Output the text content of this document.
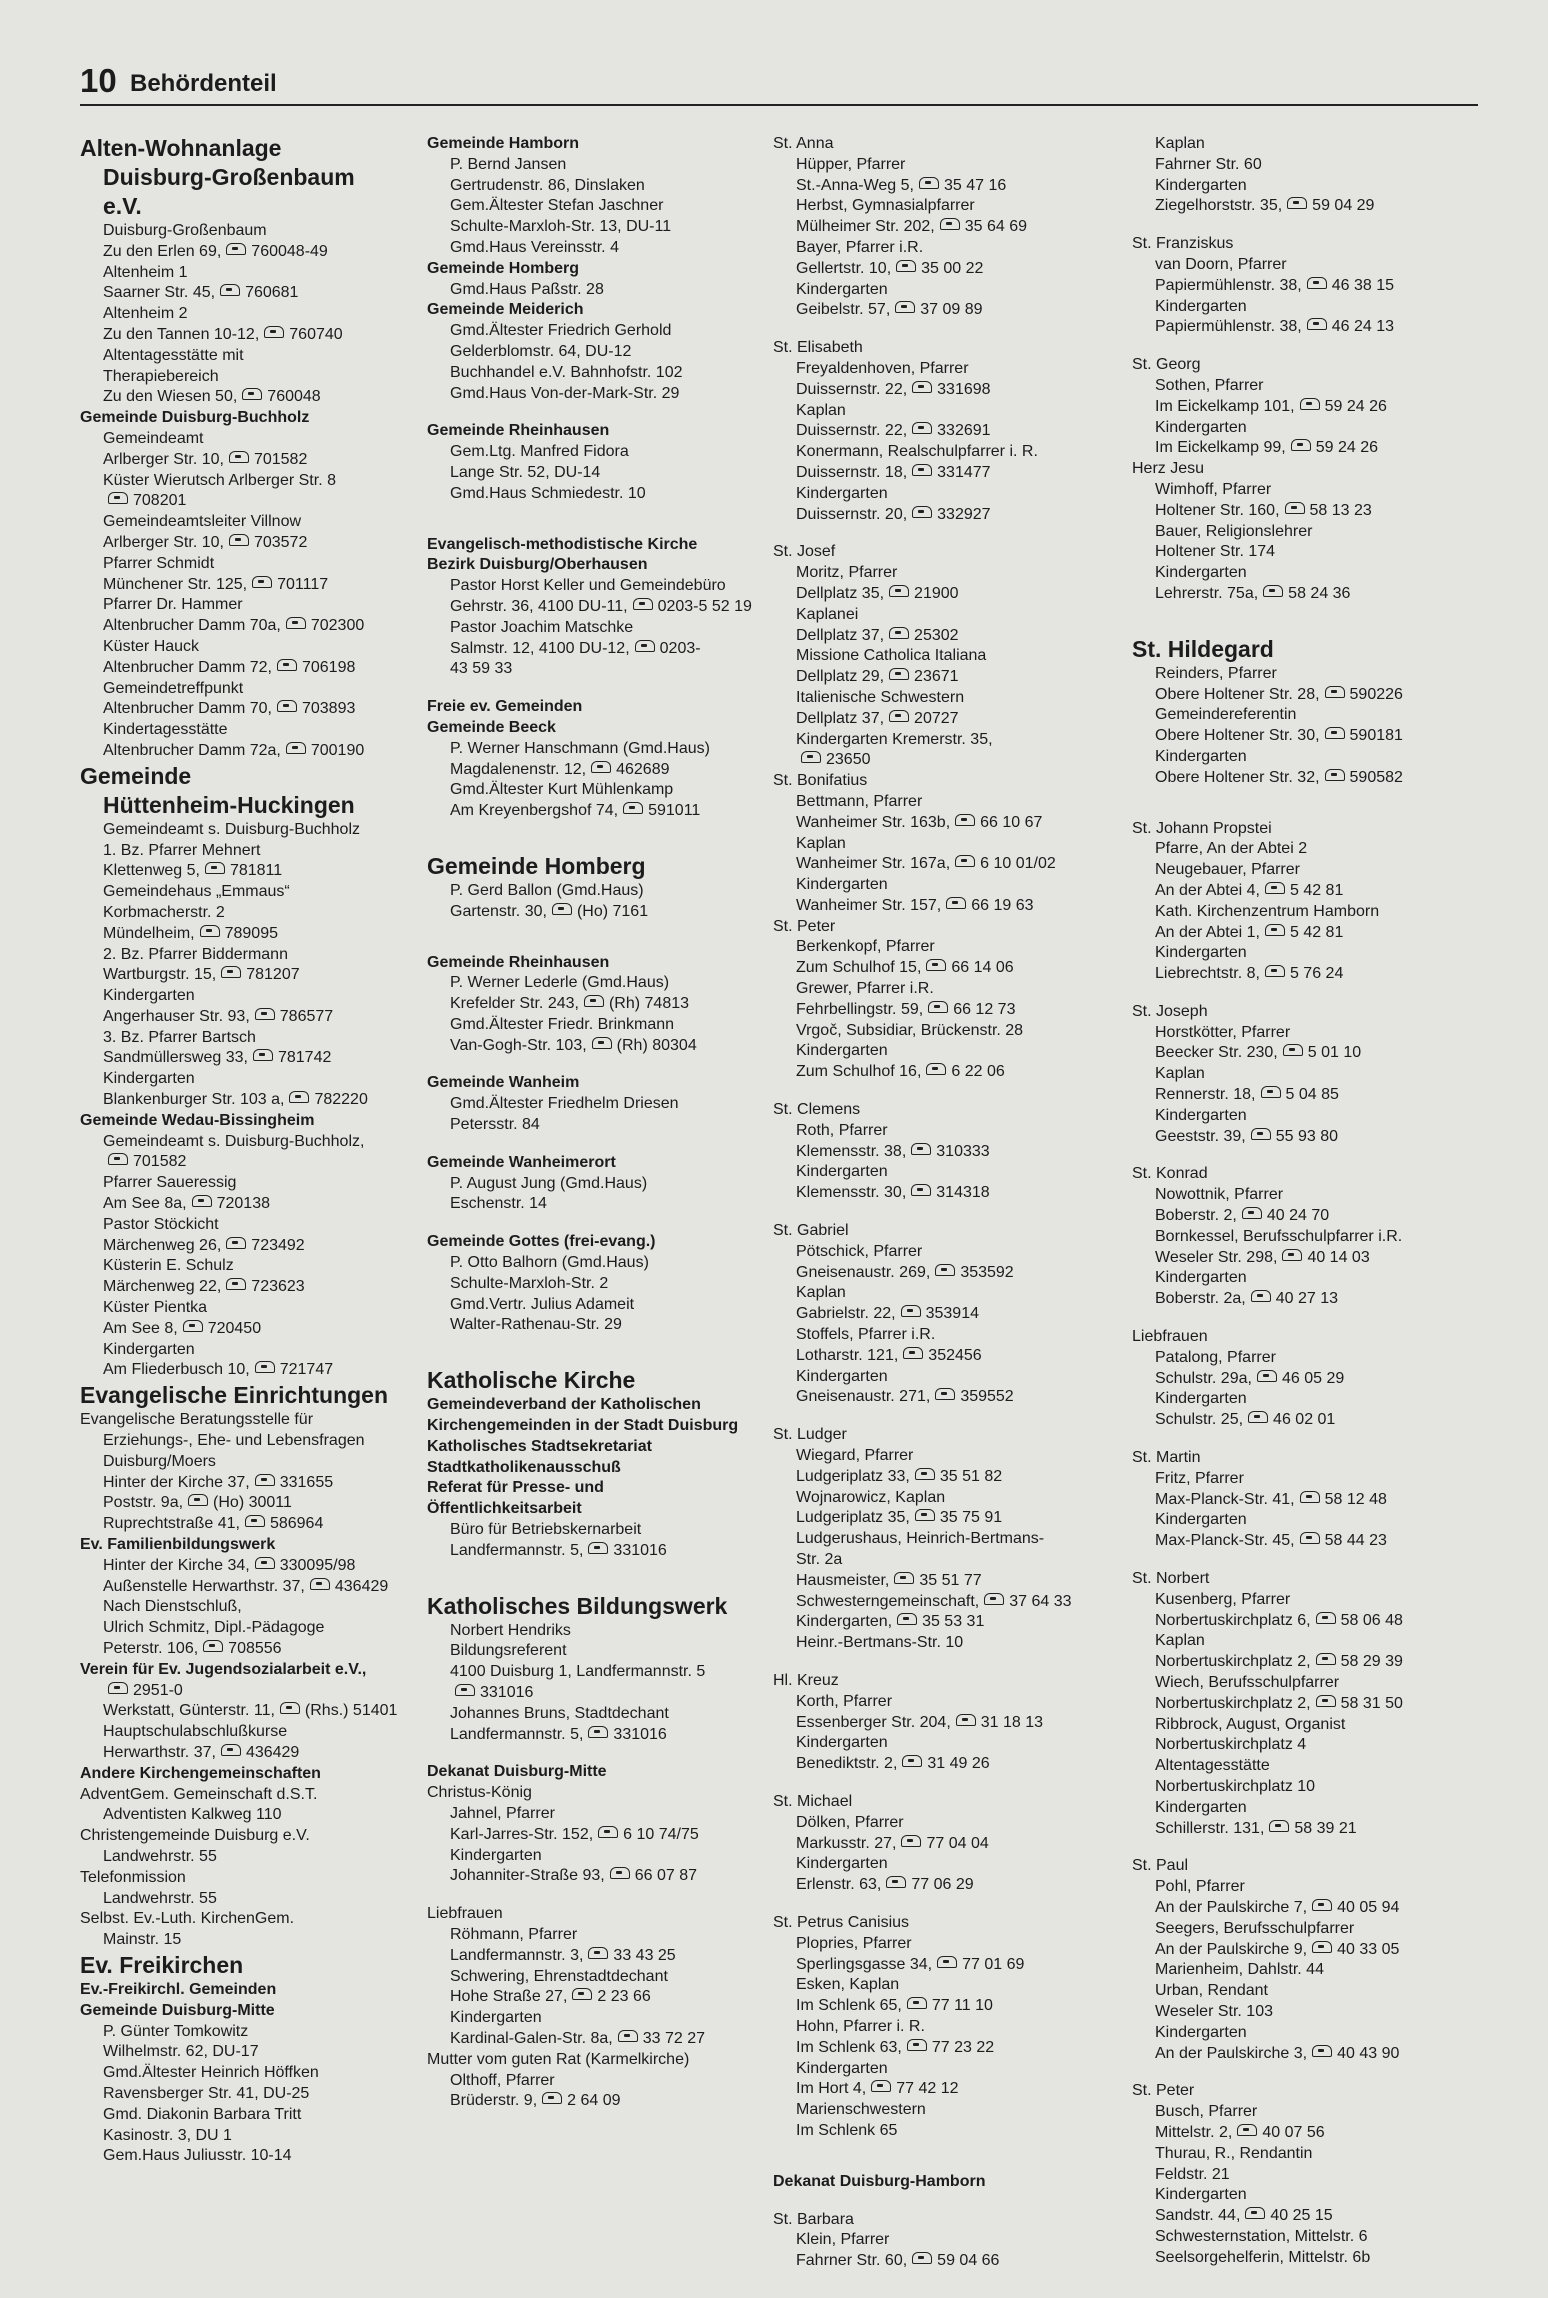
10 Behördenteil
Alten-Wohnanlage
Duisburg-Großenbaum
e.V.
Duisburg-Großenbaum
Zu den Erlen 69, 760048-49
Altenheim 1
Saarner Str. 45, 760681
Altenheim 2
Zu den Tannen 10-12, 760740
Altentagesstätte mit
Therapiebereich
Zu den Wiesen 50, 760048
Gemeinde Duisburg-Buchholz
Gemeindeamt
Arlberger Str. 10, 701582
Küster Wierutsch Arlberger Str. 8
708201
Gemeindeamtsleiter Villnow
Arlberger Str. 10, 703572
Pfarrer Schmidt
Münchener Str. 125, 701117
Pfarrer Dr. Hammer
Altenbrucher Damm 70a, 702300
Küster Hauck
Altenbrucher Damm 72, 706198
Gemeindetreffpunkt
Altenbrucher Damm 70, 703893
Kindertagesstätte
Altenbrucher Damm 72a, 700190
Gemeinde
Hüttenheim-Huckingen
Gemeindeamt s. Duisburg-Buchholz
1. Bz. Pfarrer Mehnert
Klettenweg 5, 781811
Gemeindehaus „Emmaus“
Korbmacherstr. 2
Mündelheim, 789095
2. Bz. Pfarrer Biddermann
Wartburgstr. 15, 781207
Kindergarten
Angerhauser Str. 93, 786577
3. Bz. Pfarrer Bartsch
Sandmüllersweg 33, 781742
Kindergarten
Blankenburger Str. 103 a, 782220
Gemeinde Wedau-Bissingheim
Gemeindeamt s. Duisburg-Buchholz,
701582
Pfarrer Saueressig
Am See 8a, 720138
Pastor Stöckicht
Märchenweg 26, 723492
Küsterin E. Schulz
Märchenweg 22, 723623
Küster Pientka
Am See 8, 720450
Kindergarten
Am Fliederbusch 10, 721747
Evangelische Einrichtungen
Evangelische Beratungsstelle für
Erziehungs-, Ehe- und Lebensfragen
Duisburg/Moers
Hinter der Kirche 37, 331655
Poststr. 9a, (Ho) 30011
Ruprechtstraße 41, 586964
Ev. Familienbildungswerk
Hinter der Kirche 34, 330095/98
Außenstelle Herwarthstr. 37, 436429
Nach Dienstschluß,
Ulrich Schmitz, Dipl.-Pädagoge
Peterstr. 106, 708556
Verein für Ev. Jugendsozialarbeit e.V.,
2951-0
Werkstatt, Günterstr. 11, (Rhs.) 51401
Hauptschulabschlußkurse
Herwarthstr. 37, 436429
Andere Kirchengemeinschaften
AdventGem. Gemeinschaft d.S.T.
Adventisten Kalkweg 110
Christengemeinde Duisburg e.V.
Landwehrstr. 55
Telefonmission
Landwehrstr. 55
Selbst. Ev.-Luth. KirchenGem.
Mainstr. 15
Ev. Freikirchen
Ev.-Freikirchl. Gemeinden
Gemeinde Duisburg-Mitte
P. Günter Tomkowitz
Wilhelmstr. 62, DU-17
Gmd.Ältester Heinrich Höffken
Ravensberger Str. 41, DU-25
Gmd. Diakonin Barbara Tritt
Kasinostr. 3, DU 1
Gem.Haus Juliusstr. 10-14
Gemeinde Hamborn
P. Bernd Jansen
Gertrudenstr. 86, Dinslaken
Gem.Ältester Stefan Jaschner
Schulte-Marxloh-Str. 13, DU-11
Gmd.Haus Vereinsstr. 4
Gemeinde Homberg
Gmd.Haus Paßstr. 28
Gemeinde Meiderich
Gmd.Ältester Friedrich Gerhold
Gelderblomstr. 64, DU-12
Buchhandel e.V. Bahnhofstr. 102
Gmd.Haus Von-der-Mark-Str. 29
Gemeinde Rheinhausen
Gem.Ltg. Manfred Fidora
Lange Str. 52, DU-14
Gmd.Haus Schmiedestr. 10
Evangelisch-methodistische Kirche
Bezirk Duisburg/Oberhausen
Pastor Horst Keller und Gemeindebüro
Gehrstr. 36, 4100 DU-11, 0203-5 52 19
Pastor Joachim Matschke
Salmstr. 12, 4100 DU-12, 0203-
43 59 33
Freie ev. Gemeinden
Gemeinde Beeck
P. Werner Hanschmann (Gmd.Haus)
Magdalenenstr. 12, 462689
Gmd.Ältester Kurt Mühlenkamp
Am Kreyenbergshof 74, 591011
Gemeinde Homberg
P. Gerd Ballon (Gmd.Haus)
Gartenstr. 30, (Ho) 7161
Gemeinde Rheinhausen
P. Werner Lederle (Gmd.Haus)
Krefelder Str. 243, (Rh) 74813
Gmd.Ältester Friedr. Brinkmann
Van-Gogh-Str. 103, (Rh) 80304
Gemeinde Wanheim
Gmd.Ältester Friedhelm Driesen
Petersstr. 84
Gemeinde Wanheimerort
P. August Jung (Gmd.Haus)
Eschenstr. 14
Gemeinde Gottes (frei-evang.)
P. Otto Balhorn (Gmd.Haus)
Schulte-Marxloh-Str. 2
Gmd.Vertr. Julius Adameit
Walter-Rathenau-Str. 29
Katholische Kirche
Gemeindeverband der Katholischen
Kirchengemeinden in der Stadt Duisburg
Katholisches Stadtsekretariat
Stadtkatholikenausschuß
Referat für Presse- und
Öffentlichkeitsarbeit
Büro für Betriebskernarbeit
Landfermannstr. 5, 331016
Katholisches Bildungswerk
Norbert Hendriks
Bildungsreferent
4100 Duisburg 1, Landfermannstr. 5
331016
Johannes Bruns, Stadtdechant
Landfermannstr. 5, 331016
Dekanat Duisburg-Mitte
Christus-König
Jahnel, Pfarrer
Karl-Jarres-Str. 152, 6 10 74/75
Kindergarten
Johanniter-Straße 93, 66 07 87
Liebfrauen
Röhmann, Pfarrer
Landfermannstr. 3, 33 43 25
Schwering, Ehrenstadtdechant
Hohe Straße 27, 2 23 66
Kindergarten
Kardinal-Galen-Str. 8a, 33 72 27
Mutter vom guten Rat (Karmelkirche)
Olthoff, Pfarrer
Brüderstr. 9, 2 64 09
St. Anna
Hüpper, Pfarrer
St.-Anna-Weg 5, 35 47 16
Herbst, Gymnasialpfarrer
Mülheimer Str. 202, 35 64 69
Bayer, Pfarrer i.R.
Gellertstr. 10, 35 00 22
Kindergarten
Geibelstr. 57, 37 09 89
St. Elisabeth
Freyaldenhoven, Pfarrer
Duissernstr. 22, 331698
Kaplan
Duissernstr. 22, 332691
Konermann, Realschulpfarrer i. R.
Duissernstr. 18, 331477
Kindergarten
Duissernstr. 20, 332927
St. Josef
Moritz, Pfarrer
Dellplatz 35, 21900
Kaplanei
Dellplatz 37, 25302
Missione Catholica Italiana
Dellplatz 29, 23671
Italienische Schwestern
Dellplatz 37, 20727
Kindergarten Kremerstr. 35,
23650
St. Bonifatius
Bettmann, Pfarrer
Wanheimer Str. 163b, 66 10 67
Kaplan
Wanheimer Str. 167a, 6 10 01/02
Kindergarten
Wanheimer Str. 157, 66 19 63
St. Peter
Berkenkopf, Pfarrer
Zum Schulhof 15, 66 14 06
Grewer, Pfarrer i.R.
Fehrbellingstr. 59, 66 12 73
Vrgoč, Subsidiar, Brückenstr. 28
Kindergarten
Zum Schulhof 16, 6 22 06
St. Clemens
Roth, Pfarrer
Klemensstr. 38, 310333
Kindergarten
Klemensstr. 30, 314318
St. Gabriel
Pötschick, Pfarrer
Gneisenaustr. 269, 353592
Kaplan
Gabrielstr. 22, 353914
Stoffels, Pfarrer i.R.
Lotharstr. 121, 352456
Kindergarten
Gneisenaustr. 271, 359552
St. Ludger
Wiegard, Pfarrer
Ludgeriplatz 33, 35 51 82
Wojnarowicz, Kaplan
Ludgeriplatz 35, 35 75 91
Ludgerushaus, Heinrich-Bertmans-
Str. 2a
Hausmeister, 35 51 77
Schwesterngemeinschaft, 37 64 33
Kindergarten, 35 53 31
Heinr.-Bertmans-Str. 10
Hl. Kreuz
Korth, Pfarrer
Essenberger Str. 204, 31 18 13
Kindergarten
Benediktstr. 2, 31 49 26
St. Michael
Dölken, Pfarrer
Markusstr. 27, 77 04 04
Kindergarten
Erlenstr. 63, 77 06 29
St. Petrus Canisius
Plopries, Pfarrer
Sperlingsgasse 34, 77 01 69
Esken, Kaplan
Im Schlenk 65, 77 11 10
Hohn, Pfarrer i. R.
Im Schlenk 63, 77 23 22
Kindergarten
Im Hort 4, 77 42 12
Marienschwestern
Im Schlenk 65
Dekanat Duisburg-Hamborn
St. Barbara
Klein, Pfarrer
Fahrner Str. 60, 59 04 66
Kaplan
Fahrner Str. 60
Kindergarten
Ziegelhorststr. 35, 59 04 29
St. Franziskus
van Doorn, Pfarrer
Papiermühlenstr. 38, 46 38 15
Kindergarten
Papiermühlenstr. 38, 46 24 13
St. Georg
Sothen, Pfarrer
Im Eickelkamp 101, 59 24 26
Kindergarten
Im Eickelkamp 99, 59 24 26
Herz Jesu
Wimhoff, Pfarrer
Holtener Str. 160, 58 13 23
Bauer, Religionslehrer
Holtener Str. 174
Kindergarten
Lehrerstr. 75a, 58 24 36
St. Hildegard
Reinders, Pfarrer
Obere Holtener Str. 28, 590226
Gemeindereferentin
Obere Holtener Str. 30, 590181
Kindergarten
Obere Holtener Str. 32, 590582
St. Johann Propstei
Pfarre, An der Abtei 2
Neugebauer, Pfarrer
An der Abtei 4, 5 42 81
Kath. Kirchenzentrum Hamborn
An der Abtei 1, 5 42 81
Kindergarten
Liebrechtstr. 8, 5 76 24
St. Joseph
Horstkötter, Pfarrer
Beecker Str. 230, 5 01 10
Kaplan
Rennerstr. 18, 5 04 85
Kindergarten
Geeststr. 39, 55 93 80
St. Konrad
Nowottnik, Pfarrer
Boberstr. 2, 40 24 70
Bornkessel, Berufsschulpfarrer i.R.
Weseler Str. 298, 40 14 03
Kindergarten
Boberstr. 2a, 40 27 13
Liebfrauen
Patalong, Pfarrer
Schulstr. 29a, 46 05 29
Kindergarten
Schulstr. 25, 46 02 01
St. Martin
Fritz, Pfarrer
Max-Planck-Str. 41, 58 12 48
Kindergarten
Max-Planck-Str. 45, 58 44 23
St. Norbert
Kusenberg, Pfarrer
Norbertuskirchplatz 6, 58 06 48
Kaplan
Norbertuskirchplatz 2, 58 29 39
Wiech, Berufsschulpfarrer
Norbertuskirchplatz 2, 58 31 50
Ribbrock, August, Organist
Norbertuskirchplatz 4
Altentagesstätte
Norbertuskirchplatz 10
Kindergarten
Schillerstr. 131, 58 39 21
St. Paul
Pohl, Pfarrer
An der Paulskirche 7, 40 05 94
Seegers, Berufsschulpfarrer
An der Paulskirche 9, 40 33 05
Marienheim, Dahlstr. 44
Urban, Rendant
Weseler Str. 103
Kindergarten
An der Paulskirche 3, 40 43 90
St. Peter
Busch, Pfarrer
Mittelstr. 2, 40 07 56
Thurau, R., Rendantin
Feldstr. 21
Kindergarten
Sandstr. 44, 40 25 15
Schwesternstation, Mittelstr. 6
Seelsorgehelferin, Mittelstr. 6b
